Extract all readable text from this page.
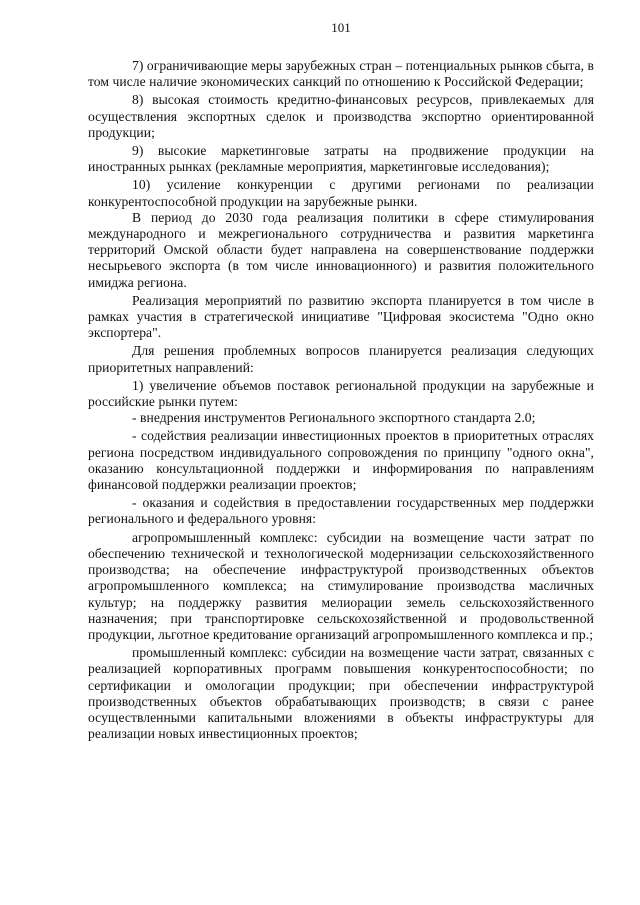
101

7) ограничивающие меры зарубежных стран – потенциальных рынков сбыта, в том числе наличие экономических санкций по отношению к Российской Федерации;

8) высокая стоимость кредитно-финансовых ресурсов, привлекаемых для осуществления экспортных сделок и производства экспортно ориентированной продукции;

9) высокие маркетинговые затраты на продвижение продукции на иностранных рынках (рекламные мероприятия, маркетинговые исследования);

10) усиление конкуренции с другими регионами по реализации конкурентоспособной продукции на зарубежные рынки.

В период до 2030 года реализация политики в сфере стимулирования международного и межрегионального сотрудничества и развития маркетинга территорий Омской области будет направлена на совершенствование поддержки несырьевого экспорта (в том числе инновационного) и развития положительного имиджа региона.

Реализация мероприятий по развитию экспорта планируется в том числе в рамках участия в стратегической инициативе "Цифровая экосистема "Одно окно экспортера".

Для решения проблемных вопросов планируется реализация следующих приоритетных направлений:

1) увеличение объемов поставок региональной продукции на зарубежные и российские рынки путем:

- внедрения инструментов Регионального экспортного стандарта 2.0;

- содействия реализации инвестиционных проектов в приоритетных отраслях региона посредством индивидуального сопровождения по принципу "одного окна", оказанию консультационной поддержки и информирования по направлениям финансовой поддержки реализации проектов;

- оказания и содействия в предоставлении государственных мер поддержки регионального и федерального уровня:

агропромышленный комплекс: субсидии на возмещение части затрат по обеспечению технической и технологической модернизации сельскохозяйственного производства; на обеспечение инфраструктурой производственных объектов агропромышленного комплекса; на стимулирование производства масличных культур; на поддержку развития мелиорации земель сельскохозяйственного назначения; при транспортировке сельскохозяйственной и продовольственной продукции, льготное кредитование организаций агропромышленного комплекса и пр.;

промышленный комплекс: субсидии на возмещение части затрат, связанных с реализацией корпоративных программ повышения конкурентоспособности; по сертификации и омологации продукции; при обеспечении инфраструктурой производственных объектов обрабатывающих производств; в связи с ранее осуществленными капитальными вложениями в объекты инфраструктуры для реализации новых инвестиционных проектов;
